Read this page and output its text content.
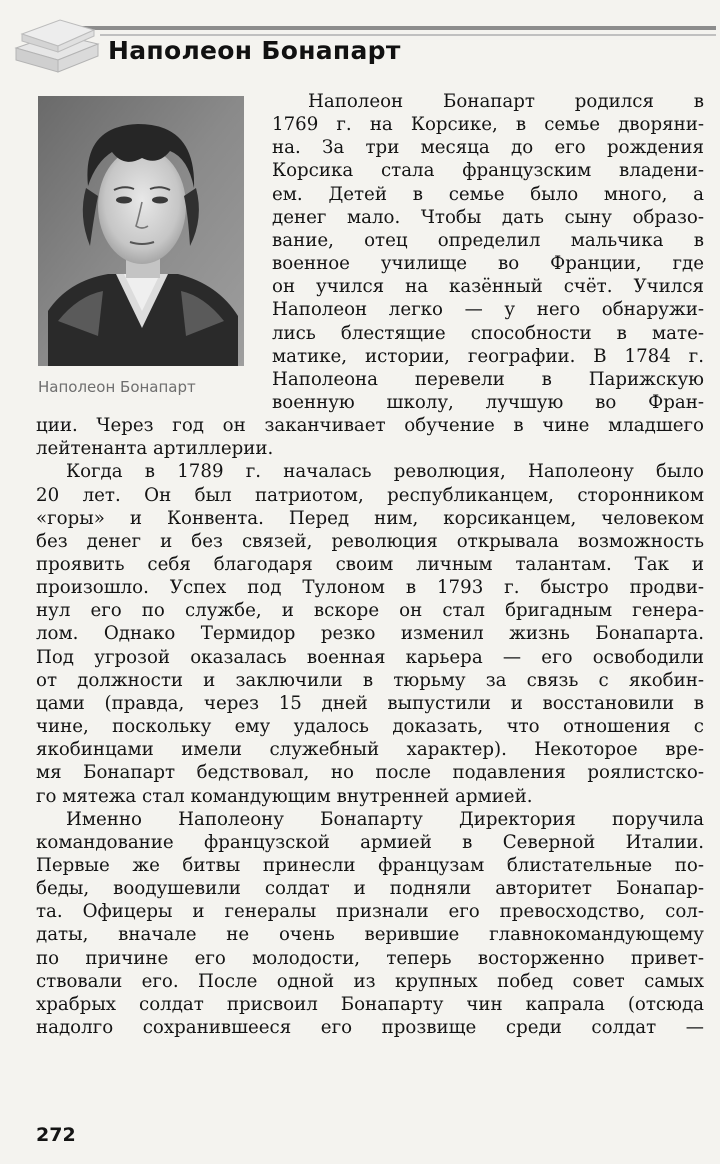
Наполеон Бонапарт
Наполеон Бонапарт
Наполеон Бонапарт родился в
1769 г. на Корсике, в семье дворяни-
на. За три месяца до его рождения
Корсика стала французским владени-
ем. Детей в семье было много, а
денег мало. Чтобы дать сыну образо-
вание, отец определил мальчика в
военное училище во Франции, где
он учился на казённый счёт. Учился
Наполеон легко — у него обнаружи-
лись блестящие способности в мате-
матике, истории, географии. В 1784 г.
Наполеона перевели в Парижскую
военную школу, лучшую во Фран-
ции. Через год он заканчивает обучение в чине младшего
лейтенанта артиллерии.
Когда в 1789 г. началась революция, Наполеону было
20 лет. Он был патриотом, республиканцем, сторонником
«горы» и Конвента. Перед ним, корсиканцем, человеком
без денег и без связей, революция открывала возможность
проявить себя благодаря своим личным талантам. Так и
произошло. Успех под Тулоном в 1793 г. быстро продви-
нул его по службе, и вскоре он стал бригадным генера-
лом. Однако Термидор резко изменил жизнь Бонапарта.
Под угрозой оказалась военная карьера — его освободили
от должности и заключили в тюрьму за связь с якобин-
цами (правда, через 15 дней выпустили и восстановили в
чине, поскольку ему удалось доказать, что отношения с
якобинцами имели служебный характер). Некоторое вре-
мя Бонапарт бедствовал, но после подавления роялистско-
го мятежа стал командующим внутренней армией.
Именно Наполеону Бонапарту Директория поручила
командование французской армией в Северной Италии.
Первые же битвы принесли французам блистательные по-
беды, воодушевили солдат и подняли авторитет Бонапар-
та. Офицеры и генералы признали его превосходство, сол-
даты, вначале не очень верившие главнокомандующему
по причине его молодости, теперь восторженно привет-
ствовали его. После одной из крупных побед совет самых
храбрых солдат присвоил Бонапарту чин капрала (отсюда
надолго сохранившееся его прозвище среди солдат —
272
